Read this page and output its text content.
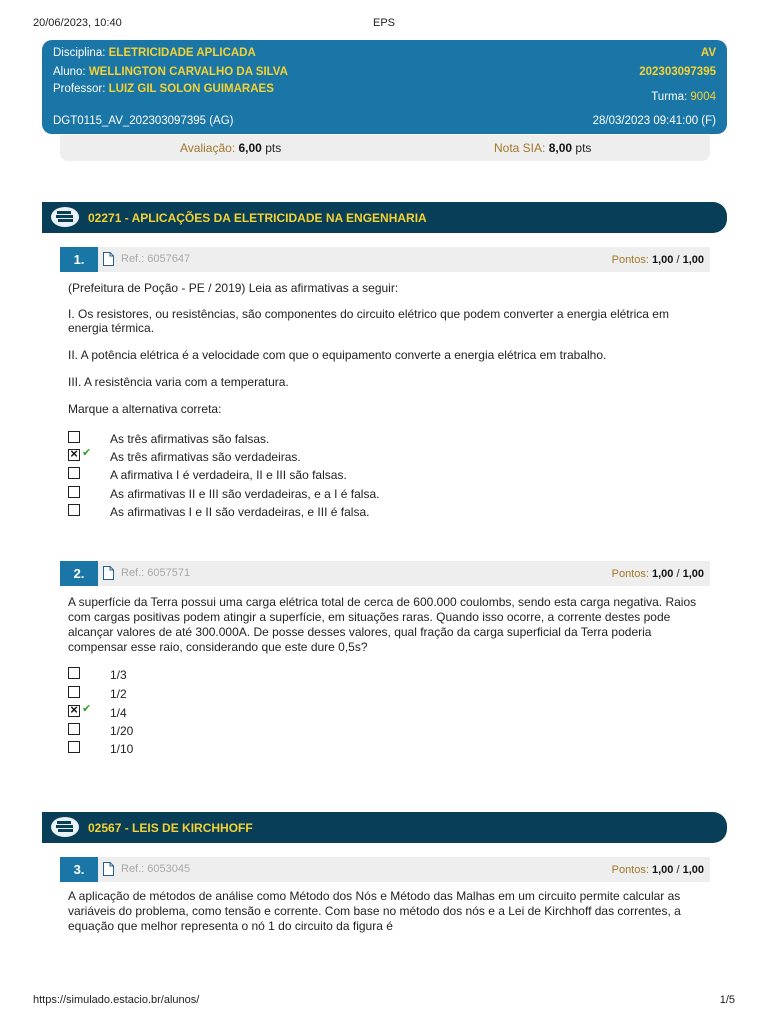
20/06/2023, 10:40	EPS
Disciplina: ELETRICIDADE APLICADA
Aluno: WELLINGTON CARVALHO DA SILVA
Professor: LUIZ GIL SOLON GUIMARAES
DGT0115_AV_202303097395 (AG)
AV
202303097395
Turma: 9004
28/03/2023 09:41:00 (F)
Avaliação: 6,00 pts	Nota SIA: 8,00 pts
02271 - APLICAÇÕES DA ELETRICIDADE NA ENGENHARIA
1.	Ref.: 6057647	Pontos: 1,00 / 1,00
(Prefeitura de Poção - PE / 2019) Leia as afirmativas a seguir:
I. Os resistores, ou resistências, são componentes do circuito elétrico que podem converter a energia elétrica em energia térmica.
II. A potência elétrica é a velocidade com que o equipamento converte a energia elétrica em trabalho.
III. A resistência varia com a temperatura.
Marque a alternativa correta:
As três afirmativas são falsas.
×
✔ As três afirmativas são verdadeiras.
A afirmativa I é verdadeira, II e III são falsas.
As afirmativas II e III são verdadeiras, e a I é falsa.
As afirmativas I e II são verdadeiras, e III é falsa.
2.	Ref.: 6057571	Pontos: 1,00 / 1,00
A superfície da Terra possui uma carga elétrica total de cerca de 600.000 coulombs, sendo esta carga negativa. Raios com cargas positivas podem atingir a superfície, em situações raras. Quando isso ocorre, a corrente destes pode alcançar valores de até 300.000A. De posse desses valores, qual fração da carga superficial da Terra poderia compensar esse raio, considerando que este dure 0,5s?
1/3
1/2
×
✔ 1/4
1/20
1/10
02567 - LEIS DE KIRCHHOFF
3.	Ref.: 6053045	Pontos: 1,00 / 1,00
A aplicação de métodos de análise como Método dos Nós e Método das Malhas em um circuito permite calcular as variáveis do problema, como tensão e corrente. Com base no método dos nós e a Lei de Kirchhoff das correntes, a equação que melhor representa o nó 1 do circuito da figura é
https://simulado.estacio.br/alunos/	1/5
